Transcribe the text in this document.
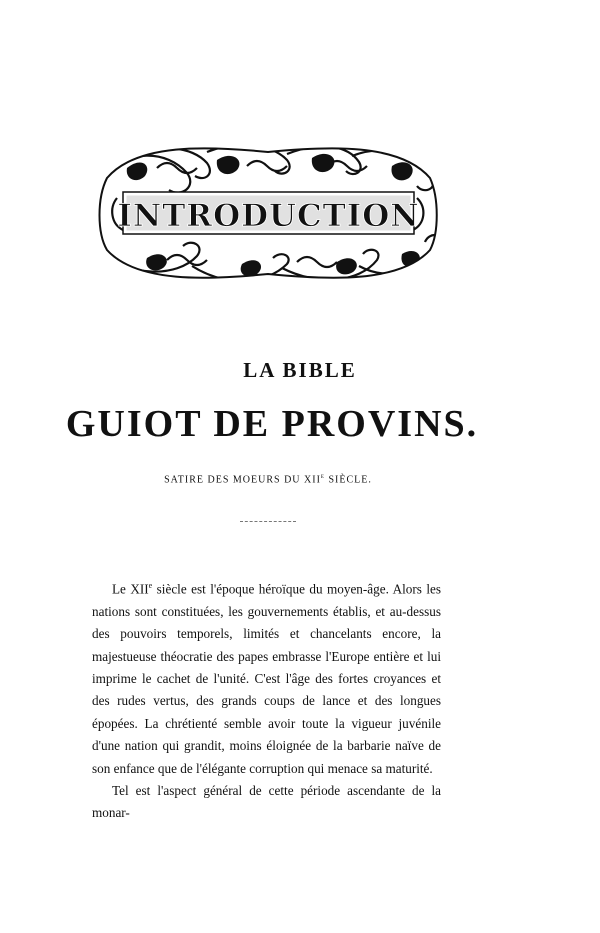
INTRODUCTION
LA BIBLE
GUIOT DE PROVINS.
SATIRE DES MOEURS DU XIIe SIÈCLE.

Le XIIe siècle est l'époque héroïque du moyen-âge. Alors les nations sont constituées, les gouvernements établis, et au-dessus des pouvoirs temporels, limités et chancelants encore, la majestueuse théocratie des papes embrasse l'Europe entière et lui imprime le cachet de l'unité. C'est l'âge des fortes croyances et des rudes vertus, des grands coups de lance et des longues épopées. La chrétienté semble avoir toute la vigueur juvénile d'une nation qui grandit, moins éloignée de la barbarie naïve de son enfance que de l'élégante corruption qui menace sa maturité.

Tel est l'aspect général de cette période ascendante de la monar-
